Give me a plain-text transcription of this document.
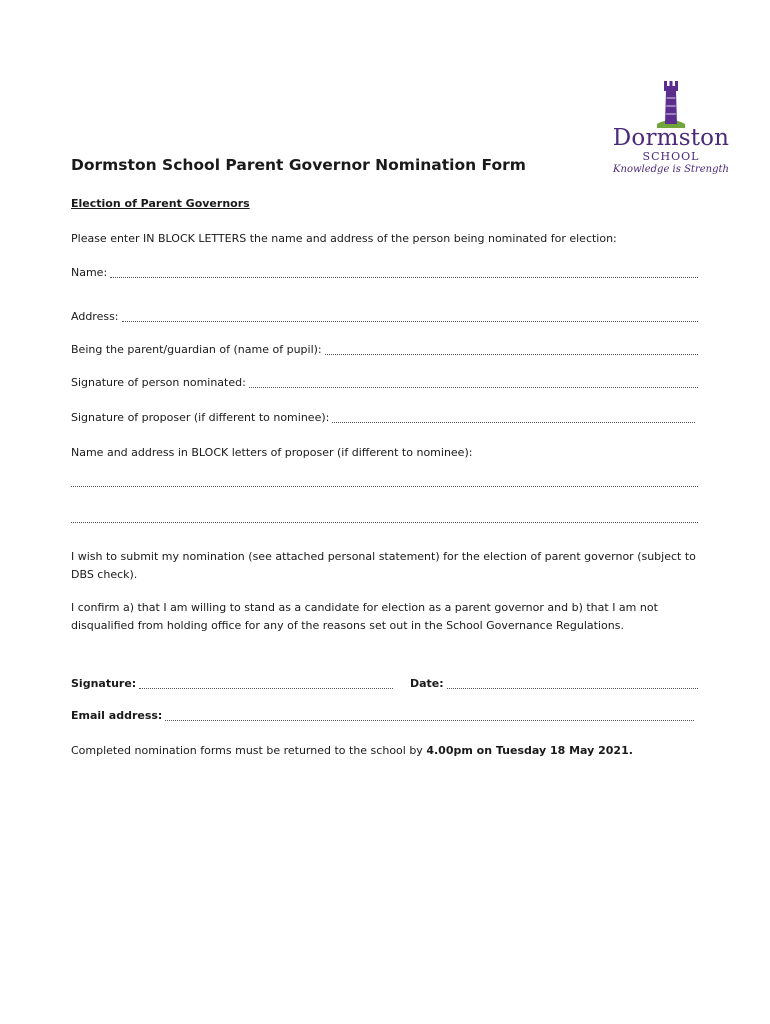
Dormston
SCHOOL
Knowledge is Strength
Dormston School Parent Governor Nomination Form
Election of Parent Governors
Please enter IN BLOCK LETTERS the name and address of the person being nominated for election:
Name:
Address:
Being the parent/guardian of (name of pupil):
Signature of person nominated:
Signature of proposer (if different to nominee):
Name and address in BLOCK letters of proposer (if different to nominee):
I wish to submit my nomination (see attached personal statement) for the election of parent governor (subject to DBS check).
I confirm a) that I am willing to stand as a candidate for election as a parent governor and b) that I am not disqualified from holding office for any of the reasons set out in the School Governance Regulations.
Signature:	Date:
Email address:
Completed nomination forms must be returned to the school by 4.00pm on Tuesday 18 May 2021.
